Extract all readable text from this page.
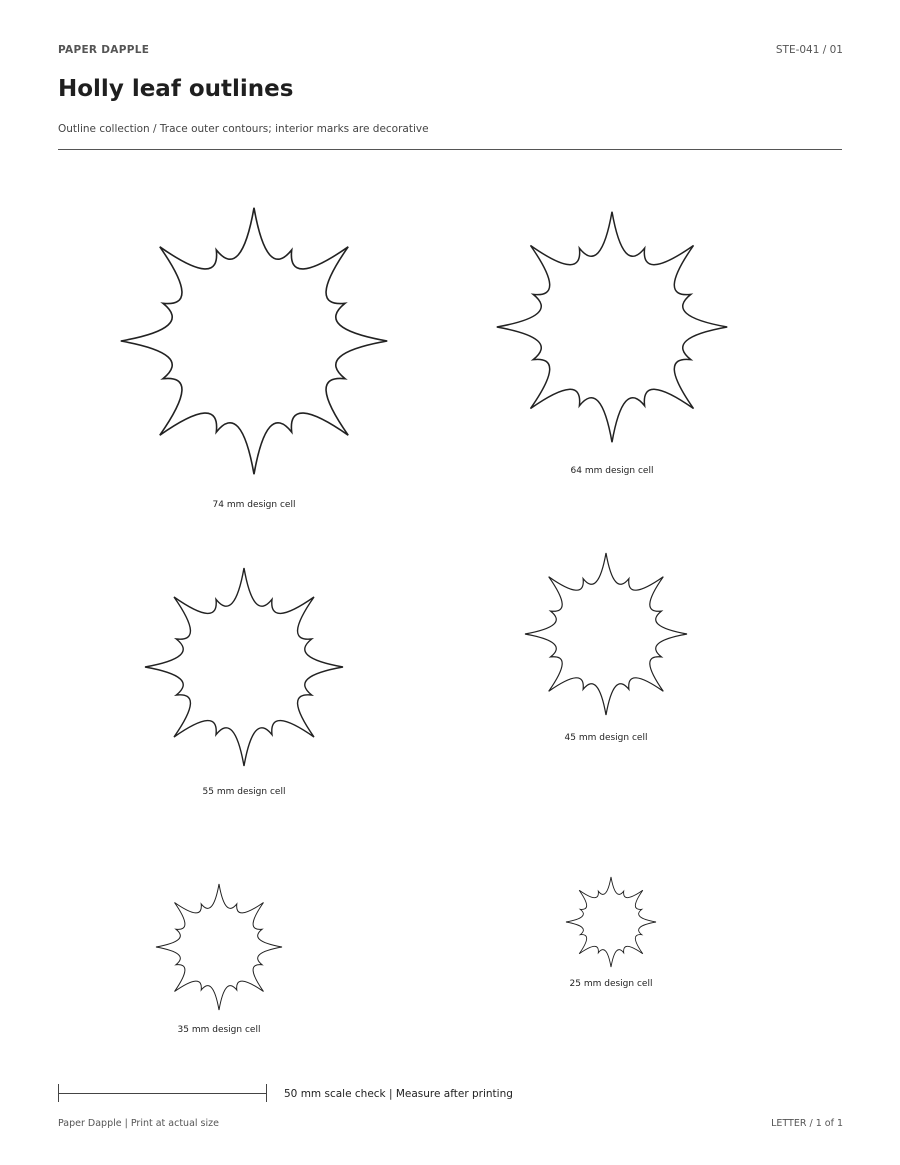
PAPER DAPPLE	STE-041 / 01
Holly leaf outlines
Outline collection / Trace outer contours; interior marks are decorative
74 mm design cell
64 mm design cell
55 mm design cell
45 mm design cell
35 mm design cell
25 mm design cell
50 mm scale check | Measure after printing
Paper Dapple | Print at actual size	LETTER / 1 of 1
